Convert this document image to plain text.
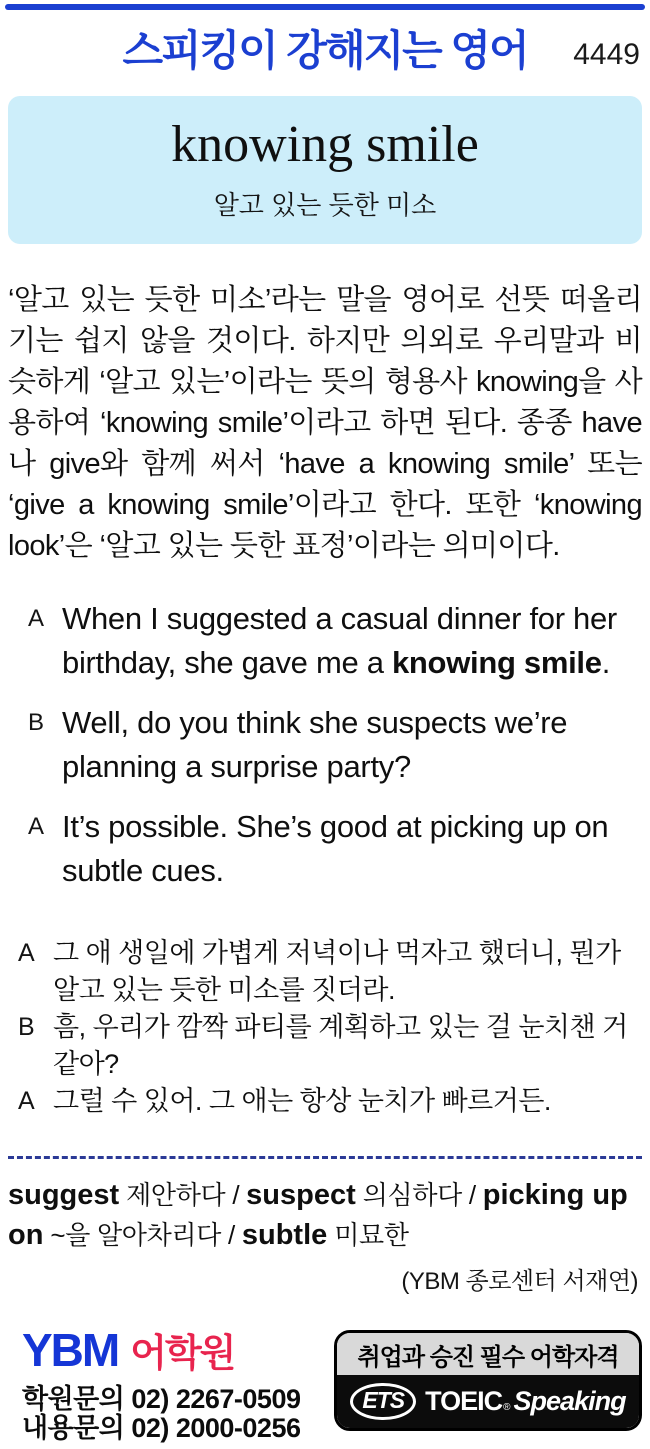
스피킹이 강해지는 영어 4449
knowing smile
알고 있는 듯한 미소

‘알고 있는 듯한 미소’라는 말을 영어로 선뜻 떠올리기는 쉽지 않을 것이다. 하지만 의외로 우리말과 비슷하게 ‘알고 있는’이라는 뜻의 형용사 knowing을 사용하여 ‘knowing smile’이라고 하면 된다. 종종 have나 give와 함께 써서 ‘have a knowing smile’ 또는 ‘give a knowing smile’이라고 한다. 또한 ‘knowing look’은 ‘알고 있는 듯한 표정’이라는 의미이다.

A When I suggested a casual dinner for her birthday, she gave me a knowing smile.

B Well, do you think she suspects we’re planning a surprise party?

A It’s possible. She’s good at picking up on subtle cues.

A 그 애 생일에 가볍게 저녁이나 먹자고 했더니, 뭔가 알고 있는 듯한 미소를 짓더라.

B 흠, 우리가 깜짝 파티를 계획하고 있는 걸 눈치챈 거 같아?

A 그럴 수 있어. 그 애는 항상 눈치가 빠르거든.

suggest 제안하다 / suspect 의심하다 / picking up on ~을 알아차리다 / subtle 미묘한

(YBM 종로센터 서재연)
YBM 어학원
학원문의 02) 2267-0509
내용문의 02) 2000-0256
취업과 승진 필수 어학자격
ETS TOEIC ® Speaking
